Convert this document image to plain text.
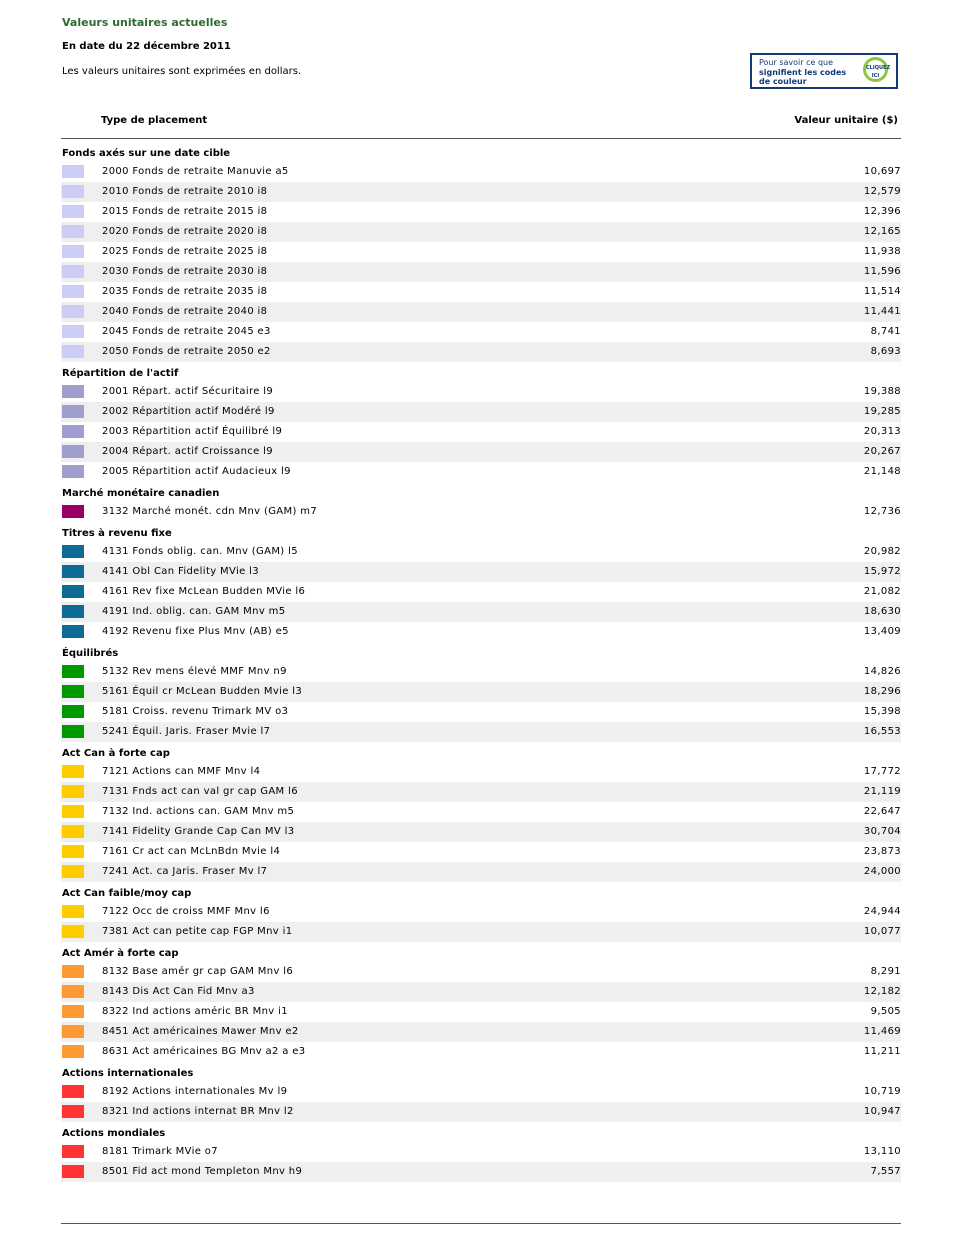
Valeurs unitaires actuelles
En date du 22 décembre 2011
Les valeurs unitaires sont exprimées en dollars.
Pour savoir ce que
signifient les codes
de couleur
CLIQUEZ ICI
Type de placement	Valeur unitaire ($)
Fonds axés sur une date cible
2000 Fonds de retraite Manuvie a5	10,697
2010 Fonds de retraite 2010 i8	12,579
2015 Fonds de retraite 2015 i8	12,396
2020 Fonds de retraite 2020 i8	12,165
2025 Fonds de retraite 2025 i8	11,938
2030 Fonds de retraite 2030 i8	11,596
2035 Fonds de retraite 2035 i8	11,514
2040 Fonds de retraite 2040 i8	11,441
2045 Fonds de retraite 2045 e3	8,741
2050 Fonds de retraite 2050 e2	8,693
Répartition de l'actif
2001 Répart. actif Sécuritaire l9	19,388
2002 Répartition actif Modéré l9	19,285
2003 Répartition actif Équilibré l9	20,313
2004 Répart. actif Croissance l9	20,267
2005 Répartition actif Audacieux l9	21,148
Marché monétaire canadien
3132 Marché monét. cdn Mnv (GAM) m7	12,736
Titres à revenu fixe
4131 Fonds oblig. can. Mnv (GAM) l5	20,982
4141 Obl Can Fidelity MVie l3	15,972
4161 Rev fixe McLean Budden MVie l6	21,082
4191 Ind. oblig. can. GAM Mnv m5	18,630
4192 Revenu fixe Plus Mnv (AB) e5	13,409
Équilibrés
5132 Rev mens élevé MMF Mnv n9	14,826
5161 Équil cr McLean Budden Mvie l3	18,296
5181 Croiss. revenu Trimark MV o3	15,398
5241 Équil. Jaris. Fraser Mvie l7	16,553
Act Can à forte cap
7121 Actions can MMF Mnv l4	17,772
7131 Fnds act can val gr cap GAM l6	21,119
7132 Ind. actions can. GAM Mnv m5	22,647
7141 Fidelity Grande Cap Can MV l3	30,704
7161 Cr act can McLnBdn Mvie l4	23,873
7241 Act. ca Jaris. Fraser Mv l7	24,000
Act Can faible/moy cap
7122 Occ de croiss MMF Mnv l6	24,944
7381 Act can petite cap FGP Mnv i1	10,077
Act Amér à forte cap
8132 Base amér gr cap GAM Mnv l6	8,291
8143 Dis Act Can Fid Mnv a3	12,182
8322 Ind actions améric BR Mnv i1	9,505
8451 Act américaines Mawer Mnv e2	11,469
8631 Act américaines BG Mnv a2 a e3	11,211
Actions internationales
8192 Actions internationales Mv l9	10,719
8321 Ind actions internat BR Mnv l2	10,947
Actions mondiales
8181 Trimark MVie o7	13,110
8501 Fid act mond Templeton Mnv h9	7,557
